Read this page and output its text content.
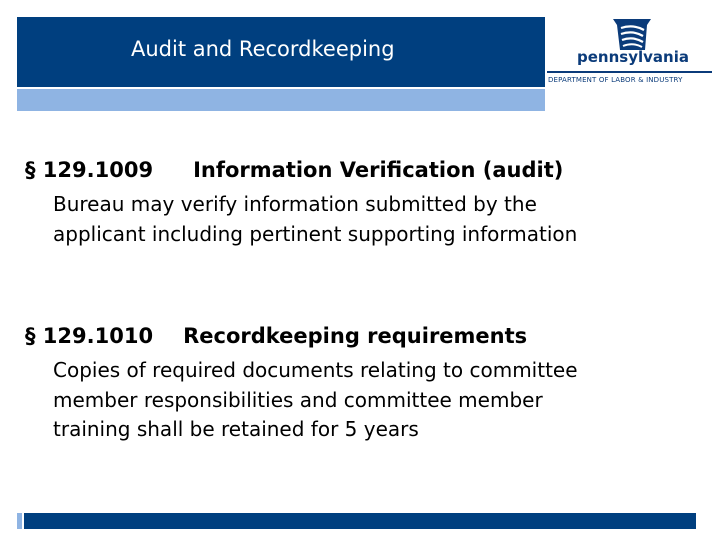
Audit and Recordkeeping	pennsylvania
DEPARTMENT OF LABOR & INDUSTRY
§ 129.1009 Information Verification (audit)
Bureau may verify information submitted by the
applicant including pertinent supporting information
§ 129.1010 Recordkeeping requirements
Copies of required documents relating to committee
member responsibilities and committee member
training shall be retained for 5 years
